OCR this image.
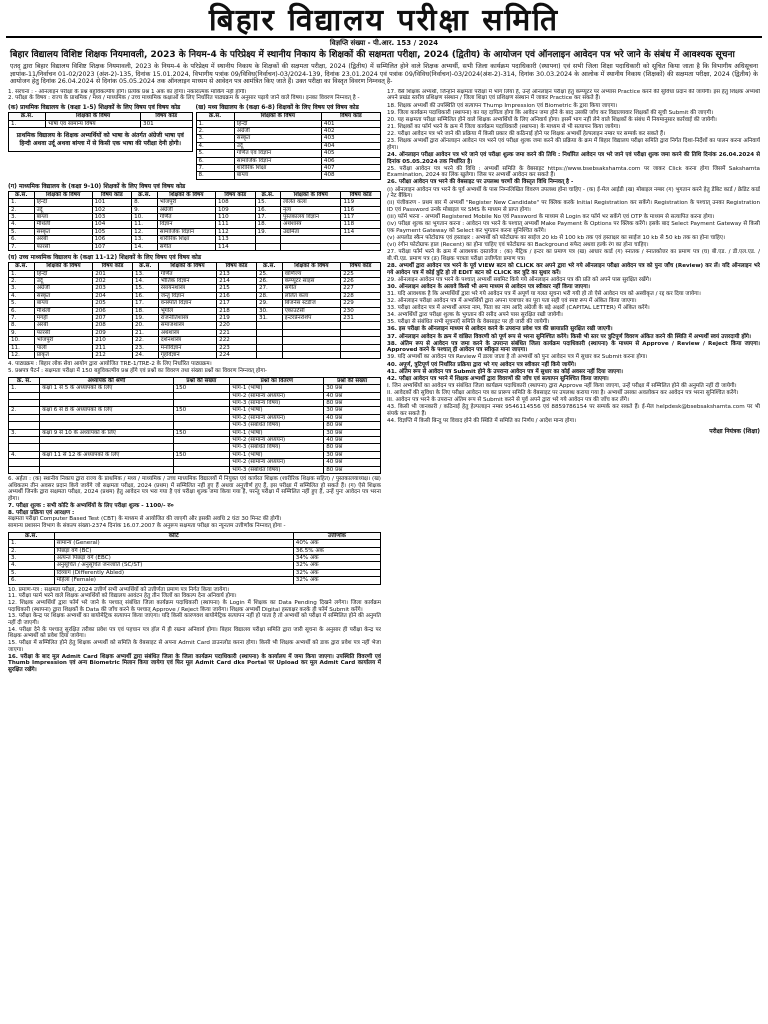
बिहार विद्यालय परीक्षा समिति
विज्ञप्ति संख्या - पी.आर. 153 / 2024
बिहार विद्यालय विशिष्ट शिक्षक नियमावली, 2023 के नियम-4 के परिप्रेक्ष्य में स्थानीय निकाय के शिक्षकों की सक्षमता परीक्षा, 2024 (द्वितीय) के आयोजन एवं ऑनलाइन आवेदन पत्र भरे जाने के संबंध में आवश्यक सूचना
एतद् द्वारा बिहार विद्यालय विशिष्ट शिक्षक नियमावली, 2023 के नियम-4 के परिप्रेक्ष्य में स्थानीय निकाय के शिक्षकों की सक्षमता परीक्षा, 2024 (द्वितीय) में सम्मिलित होने वाले शिक्षक अभ्यर्थी, सभी जिला कार्यक्रम पदाधिकारी (स्थापना) एवं सभी जिला शिक्षा पदाधिकारी को सूचित किया जाता है कि विभागीय अधिसूचना ज्ञापांक-11/निर्वाचन 01-02/2023 (अंश-2)-135, दिनांक 15.01.2024, विभागीय पत्रांक 09/विविध(निर्वाचन)-03/2024-139, दिनांक 23.01.2024 एवं पत्रांक 09/विविध(निर्वाचन)-03/2024(अंश-2)-314, दिनांक 30.03.2024 के आलोक में स्थानीय निकाय (शिक्षकों) की सक्षमता परीक्षा, 2024 (द्वितीय) के आयोजन हेतु दिनांक 26.04.2024 से दिनांक 05.05.2024 तक ऑनलाइन माध्यम से आवेदन पत्र आमंत्रित किए जाते हैं। उक्त परीक्षा का विस्तृत विवरण निम्नवत् है-

1. संरचना : - ऑनलाइन परीक्षा के प्रश्न बहुविकल्पीय होंगे। प्रत्येक प्रश्न 1 अंक का होगा। नकारात्मक मार्किंग नहीं होगी।

2. परीक्षा के विषय : राज्य के प्राथमिक / मध्य / माध्यमिक / उच्च माध्यमिक कक्षाओं के लिए निर्धारित पाठ्यक्रम के अनुसार पढ़ाये जाने वाले विषय। इनका विवरण निम्नवत् है -

(क) प्राथमिक विद्यालय के (कक्षा 1-5) शिक्षकों के लिए विषय एवं विषय कोड
क्र.सं.	शिक्षकों के विषय	विषय कोड
1.	भाषा एवं सामान्य विषय	301
प्राथमिक विद्यालय के शिक्षक अभ्यर्थियों को भाषा के अंतर्गत अंग्रेजी भाषा एवं हिन्दी अथवा उर्दू अथवा बांग्ला में से किसी एक भाषा की परीक्षा देनी होगी।		
(ख) मध्य विद्यालय के (कक्षा 6-8) शिक्षकों के लिए विषय एवं विषय कोड
क्र.सं.	शिक्षकों के विषय	विषय कोड
1.	हिन्दी	401
2.	अंग्रेजी	402
3.	संस्कृत	403
4.	उर्दू	404
5.	गणित एवं विज्ञान	405
6.	सामाजिक विज्ञान	406
7.	शारीरिक शिक्षा	407
8.	बांग्ला	408
(ग) माध्यमिक विद्यालय के (कक्षा 9-10) शिक्षकों के लिए विषय एवं विषय कोड
क्र.सं.	शिक्षकों के विषय	विषय कोड	क्र.सं.	शिक्षकों के विषय	विषय कोड	क्र.सं.	शिक्षकों के विषय	विषय कोड
1.	हिन्दी	101	8.	भोजपुरी	108	15.	ललित कला	119
2.	उर्दू	102	9.	अंग्रेजी	109	16.	नृत्य	116
3.	बांग्ला	103	10.	गणित	110	17.	पुस्तकालय विज्ञान	117
4.	मैथिली	104	11.	विज्ञान	111	18.	अर्थशास्त्र	118
5.	संस्कृत	105	12.	सामाजिक विज्ञान	112	19.	उद्यमिता	114
6.	अरबी	106	13.	शारीरिक शिक्षा	113			
7.	फारसी	107	14.	संगीत	114			
(घ) उच्च माध्यमिक विद्यालय के (कक्षा 11-12) शिक्षकों के लिए विषय एवं विषय कोड
क्र.सं.	शिक्षकों के विषय	विषय कोड	क्र.सं.	शिक्षकों के विषय	विषय कोड	क्र.सं.	शिक्षकों के विषय	विषय कोड
1.	हिन्दी	201	13.	गणित	213	25.	वाणिज्य	225
2.	उर्दू	202	14.	भौतिक विज्ञान	214	26.	कम्प्यूटर साइंस	226
3.	अंग्रेजी	203	15.	रसायनशास्त्र	215	27.	संगीत	227
4.	संस्कृत	204	16.	जन्तु विज्ञान	216	28.	ललित कला	228
5.	बांग्ला	205	17.	वनस्पति विज्ञान	217	29.	बिजनेस स्टडीज	229
6.	मैथिली	206	18.	भूगोल	218	30.	एकाउंटेंसी	230
7.	मगही	207	19.	राजनीतिशास्त्र	219	31.	इन्टरप्रेनरशिप	231
8.	अरबी	208	20.	समाजशास्त्र	220			
9.	फारसी	209	21.	अर्थशास्त्र	221			
10.	भोजपुरी	210	22.	दर्शनशास्त्र	222			
11.	पाली	211	23.	मनोविज्ञान	223			
12.	प्राकृत	212	24.	गृहविज्ञान	224			

4. पाठ्यक्रम : बिहार लोक सेवा आयोग द्वारा आयोजित TRE-1/TRE-2 के लिए निर्धारित पाठ्यक्रम।

5. प्रश्नपत्र पैटर्न : सक्षमता परीक्षा में 150 बहुविकल्पीय प्रश्न होंगे एवं प्रश्नों का विवरण तथा संख्या प्रश्नों का विवरण निम्नवत् होगा-

क्र. सं.	अध्यापक की श्रेणी	प्रश्नों की संख्या	प्रश्नों का वितरण	प्रश्नों की संख्या
1.	कक्षा 1 से 5 के अध्यापकों के लिए	150	भाग-1 (भाषा)	30 प्रश्न
			भाग-2 (सामान्य अध्ययन)	40 प्रश्न
			भाग-3 (सामान्य विषय)	80 प्रश्न
2.	कक्षा 6 से 8 के अध्यापकों के लिए	150	भाग-1 (भाषा)	30 प्रश्न
			भाग-2 (सामान्य अध्ययन)	40 प्रश्न
			भाग-3 (संबंधित विषय)	80 प्रश्न
3.	कक्षा 9 से 10 के अध्यापकों के लिए	150	भाग-1 (भाषा)	30 प्रश्न
			भाग-2 (सामान्य अध्ययन)	40 प्रश्न
			भाग-3 (संबंधित विषय)	80 प्रश्न
4.	कक्षा 11 से 12 के अध्यापकों के लिए	150	भाग-1 (भाषा)	30 प्रश्न
			भाग-2 (सामान्य अध्ययन)	40 प्रश्न
			भाग-3 (संबंधित विषय)	80 प्रश्न

6. अर्हता : (क) स्थानीय निकाय द्वारा राज्य के प्राथमिक / मध्य / माध्यमिक / उच्च माध्यमिक विद्यालयों में नियुक्त एवं कार्यरत शिक्षक (शारीरिक शिक्षक सहित) / पुस्तकालयाध्यक्ष। (ख) अधिकतम तीन अवसर प्रदान किये जायेंगे जो सक्षमता परीक्षा, 2024 (प्रथम) में सम्मिलित नहीं हुए हैं अथवा अनुत्तीर्ण हुए हैं, इस परीक्षा में सम्मिलित हो सकते हैं। (ग) ऐसे शिक्षक अभ्यर्थी जिनके द्वारा सक्षमता परीक्षा, 2024 (प्रथम) हेतु आवेदन पत्र भरा गया है एवं परीक्षा शुल्क जमा किया गया है, परन्तु परीक्षा में सम्मिलित नहीं हुए हैं, उन्हें पुनः आवेदन पत्र भरना होगा।

7. परीक्षा शुल्क : सभी कोटि के अभ्यर्थियों के लिए परीक्षा शुल्क - 1100/- रु०

8. परीक्षा प्रक्रिया एवं आरक्षण :

सक्षमता परीक्षा Computer Based Test (CBT) के माध्यम से आयोजित की जाएगी और इसकी अवधि 2 घंटा 30 मिनट की होगी।

सामान्य प्रशासन विभाग के संकल्प संख्या-2374 दिनांक 16.07.2007 के अनुरूप सक्षमता परीक्षा का न्यूनतम उत्तीर्णांक निम्नवत् होगा -

क्र.सं.	कोटि	उत्तीर्णांक
1.	सामान्य (General)	40% अंक
2.	पिछड़ा वर्ग (BC)	36.5% अंक
3.	अत्यन्त पिछड़ा वर्ग (EBC)	34% अंक
4.	अनुसूचित / अनुसूचित जनजाति (SC/ST)	32% अंक
5.	दिव्यांग (Differently Abled)	32% अंक
6.	महिला (Female)	32% अंक

10. प्रमाण-पत्र : सक्षमता परीक्षा, 2024 उत्तीर्ण सभी अभ्यर्थियों को उत्तीर्णता प्रमाण पत्र निर्गत किया जायेगा।

11. परीक्षा फार्म भरने वाले शिक्षक अभ्यर्थियों को विद्यालय आवंटन हेतु तीन जिलों का विकल्प देना अनिवार्य होगा।

12. शिक्षक अभ्यर्थियों द्वारा फॉर्म भरे जाने के पश्चात् संबंधित जिला कार्यक्रम पदाधिकारी (स्थापना) के Login में शिक्षक का Data Pending दिखने लगेगा। जिला कार्यक्रम पदाधिकारी (स्थापना) द्वारा शिक्षकों के Data की जाँच करने के पश्चात् Approve / Reject किया जायेगा। शिक्षक अभ्यर्थी Digital हस्ताक्षर करके ही फॉर्म Submit करेंगे।

13. परीक्षा केन्द्र पर शिक्षक अभ्यर्थी का बायोमेट्रिक सत्यापन किया जाएगा। यदि किसी कारणवश बायोमेट्रिक सत्यापन नहीं हो पाता है तो अभ्यर्थी को परीक्षा में सम्मिलित होने की अनुमति नहीं दी जाएगी।

14. परीक्षा देने के पश्चात् सुरक्षित तरीका प्रवेश पत्र एवं पहचान पत्र हॉल में ही रखना अनिवार्य होगा। बिहार विद्यालय परीक्षा समिति द्वारा जारी सूचना के अनुसार ही परीक्षा केन्द्र पर शिक्षक अभ्यर्थी को प्रवेश दिया जायेगा।

15. परीक्षा में सम्मिलित होने हेतु शिक्षक अभ्यर्थी को समिति के वेबसाइट से अपना Admit Card डाउनलोड करना होगा। किसी भी शिक्षक अभ्यर्थी को डाक द्वारा प्रवेश पत्र नहीं भेजा जाएगा।

16. परीक्षा के बाद मूल Admit Card शिक्षक अभ्यर्थी द्वारा संबंधित जिला के जिला कार्यक्रम पदाधिकारी (स्थापना) के कार्यालय में जमा किया जाएगा। उपस्थिति विवरणी एवं Thumb Impression एवं अन्य Biometric मिलान किया जायेगा एवं फिर मूल Admit Card dks Portal पर Upload कर मूल Admit Card कार्यालय में सुरक्षित रखेंगे।

17. वैसे शिक्षक अभ्यर्थी, जिन्होंने सक्षमता परीक्षा में भाग लिया है, उन्हें ऑनलाइन परीक्षा हेतु कम्प्यूटर पर अभ्यास Practice करने की सुविधा प्रदान की जायेगी। इस हेतु शिक्षक अभ्यर्थी अपने प्रखंड स्तरीय प्रशिक्षण संस्थान / जिला शिक्षा एवं प्रशिक्षण संस्थान में जाकर Practice कर सकते हैं।

18. शिक्षक अभ्यर्थी की उपस्थिति एवं सत्यापन Thump Impression एवं Biometric के द्वारा किया जाएगा।

19. जिला कार्यक्रम पदाधिकारी (स्थापना) का यह दायित्व होगा कि आवेदन जमा होने के बाद उसकी जाँच कर विद्यालयवार शिक्षकों की सूची Submit की जाएगी।

20. यह सक्षमता परीक्षा सम्मिलित होने वाले शिक्षक अभ्यर्थियों के लिए अनिवार्य होगा। इसमें भाग नहीं लेने वाले शिक्षकों के संबंध में नियमानुसार कार्रवाई की जायेगी।

21. शिक्षकों का फॉर्म भरने के क्रम में जिला कार्यक्रम पदाधिकारी (स्थापना) के माध्यम से भी सत्यापन किया जायेगा।

22. परीक्षा आवेदन पत्र भरे जाने की प्रक्रिया में किसी प्रकार की कठिनाई होने पर शिक्षक अभ्यर्थी हेल्पलाइन नम्बर पर सम्पर्क कर सकते हैं।

23. शिक्षक अभ्यर्थी द्वारा ऑनलाइन आवेदन पत्र भरने एवं परीक्षा शुल्क जमा करने की प्रक्रिया के क्रम में बिहार विद्यालय परीक्षा समिति द्वारा निर्गत दिशा-निर्देशों का पालन करना अनिवार्य होगा।

24. ऑनलाइन परीक्षा आवेदन पत्र भरे जाने एवं परीक्षा शुल्क जमा करने की तिथि : निर्धारित आवेदन पत्र भरे जाने एवं परीक्षा शुल्क जमा करने की तिथि दिनांक 26.04.2024 से दिनांक 05.05.2024 तक निर्धारित है।

25. परीक्षा आवेदन पत्र भरने की विधि : अभ्यर्थी समिति के वेबसाइट https://www.bsebsakshamta.com पर जाकर Click करना होगा जिसमें Sakshamta Examination, 2024 का लिंक खुलेगा। जिस पर अभ्यर्थी आवेदन कर सकते हैं।

26. परीक्षा आवेदन पत्र भरने की वेबसाइट पर उपलब्ध चरणों की विस्तृत विधि निम्नवत् है -

(i) ऑनलाइन आवेदन पत्र भरने के पूर्व अभ्यर्थी के पास निम्नलिखित विवरण उपलब्ध होना चाहिए - (क) ई-मेल आईडी (ख) मोबाइल नम्बर (ग) भुगतान करने हेतु डेबिट कार्ड / क्रेडिट कार्ड / नेट बैंकिंग।

(ii) पंजीकरण - प्रथम बार में अभ्यर्थी "Register New Candidate" पर क्लिक करके Initial Registration कर सकेंगे। Registration के पश्चात् उनका Registration ID एवं Password उनके मोबाइल पर SMS के माध्यम से प्राप्त होगा।

(iii) फॉर्म भरना - अभ्यर्थी Registered Mobile No एवं Password के माध्यम से Login कर फॉर्म भर सकेंगे एवं OTP के माध्यम से सत्यापित करना होगा।

(iv) परीक्षा शुल्क का भुगतान करना : आवेदन पत्र भरने के पश्चात् अभ्यर्थी Make Payment के Options पर क्लिक करेंगे। इसके बाद Select Payment Gateway से किसी एक Payment Gateway को Select कर भुगतान करना सुनिश्चित करेंगे।

(v) अपलोड स्कैन फोटोग्राफ एवं हस्ताक्षर : अभ्यर्थी को फोटोग्राफ का साईज 20 kb से 100 kb तक एवं हस्ताक्षर का साईज 10 kb से 50 kb तक का होना चाहिए।

(vi) रंगीन फोटोग्राफ हाल (Recent) का होना चाहिए एवं फोटोग्राफ का Background सफेद अथवा हल्के रंग का होना चाहिए।

27. परीक्षा फॉर्म भरने के क्रम में आवश्यक दस्तावेज : (क) मैट्रिक / इन्टर का प्रमाण पत्र (ख) आधार कार्ड (ग) स्नातक / स्नातकोत्तर का प्रमाण पत्र (घ) बी.एड. / डी.एल.एड. / बी.पी.एड. प्रमाण पत्र (ङ) शिक्षक पात्रता परीक्षा उत्तीर्णता प्रमाण पत्र।

28. अभ्यर्थी द्वारा आवेदन पत्र भरने के पूर्व VIEW बटन को CLICK कर अपने द्वारा भरे गये ऑनलाइन परीक्षा आवेदन पत्र को पुनः जाँच (Review) कर लें। यदि ऑनलाइन भरे गये आवेदन पत्र में कोई त्रुटि हो तो EDIT बटन को CLICK कर त्रुटि का सुधार करें।

29. ऑनलाइन आवेदन पत्र भरने के पश्चात् अभ्यर्थी सबमिट किये गये ऑनलाइन आवेदन पत्र की प्रति को अपने पास सुरक्षित रखेंगे।

30. ऑनलाइन आवेदन के अलावे किसी भी अन्य माध्यम से आवेदन पत्र स्वीकार नहीं किया जाएगा।

31. यदि आवश्यक है कि अभ्यर्थियों द्वारा भरे गये आवेदन पत्र में अपूर्ण या गलत सूचना भरी गयी हो तो ऐसे आवेदन पत्र को अस्वीकृत / रद्द कर दिया जायेगा।

32. ऑनलाइन परीक्षा आवेदन पत्र में अभ्यर्थियों द्वारा अपना पत्राचार का पूरा पता सही एवं स्पष्ट रूप में अंकित किया जाएगा।

33. परीक्षा आवेदन पत्र में अभ्यर्थी अपना नाम, पिता का नाम आदि अंग्रेजी के बड़े अक्षरों (CAPITAL LETTER) में अंकित करेंगे।

34. अभ्यर्थियों द्वारा परीक्षा शुल्क के भुगतान की रसीद अपने पास सुरक्षित रखी जायेगी।

35. परीक्षा से संबंधित सभी सूचनाएँ समिति के वेबसाइट पर ही जारी की जायेगी।

36. इस परीक्षा के ऑनलाइन माध्यम से आवेदन करने के उपरान्त प्रवेश पत्र की छायाप्रति सुरक्षित रखी जाएगी।

37. ऑनलाइन आवेदन के क्रम में वांछित विवरणी को पूर्ण रूप से भरना सुनिश्चित करेंगे। किसी भी स्तर पर त्रुटिपूर्ण विवरण अंकित करने की स्थिति में अभ्यर्थी स्वयं उत्तरदायी होंगे।

38. अंतिम रूप से आवेदन पत्र जमा करने के उपरान्त संबंधित जिला कार्यक्रम पदाधिकारी (स्थापना) के माध्यम से Approve / Review / Reject किया जाएगा। Approved करने के पश्चात् ही आवेदन पत्र स्वीकृत माना जाएगा।

39. यदि अभ्यर्थी का आवेदन पत्र Review में डाला जाता है तो अभ्यर्थी को पुनः आवेदन पत्र में सुधार कर Submit करना होगा।

40. अपूर्ण, त्रुटिपूर्ण एवं निर्धारित प्रक्रिया द्वारा भरे गए आवेदन पत्र स्वीकार नहीं किये जायेंगे।

41. अंतिम रूप से आवेदन पत्र Submit होने के उपरान्त आवेदन पत्र में सुधार का कोई अवसर नहीं दिया जाएगा।

42. परीक्षा आवेदन पत्र भरने में शिक्षक अभ्यर्थी द्वारा विवरणों की जाँच एवं सत्यापन सुनिश्चित किया जाएगा।

I. जिन अभ्यर्थियों का आवेदन पत्र संबंधित जिला कार्यक्रम पदाधिकारी (स्थापना) द्वारा Approve नहीं किया जाएगा, उन्हें परीक्षा में सम्मिलित होने की अनुमति नहीं दी जायेगी।

II. आवेदकों की सुविधा के लिए परीक्षा आवेदन पत्र का प्रारूप समिति के वेबसाइट पर उपलब्ध कराया गया है। अभ्यर्थी उसका अवलोकन कर आवेदन पत्र भरना सुनिश्चित करेंगे।

III. आवेदन पत्र भरने के उपरान्त अंतिम रूप से Submit करने से पूर्व अपने द्वारा भरे गये आवेदन पत्र की जाँच कर लेंगे।

43. किसी भी जानकारी / कठिनाई हेतु हेल्पलाइन नम्बर 9546114556 एवं 8859786154 पर सम्पर्क कर सकते हैं। ई-मेल helpdesk@bsebsakshamta.com पर भी संपर्क कर सकते हैं।

44. विज्ञप्ति में किसी बिन्दु पर विवाद होने की स्थिति में समिति का निर्णय / आदेश मान्य होगा।

परीक्षा नियंत्रक (शिक्षा)
